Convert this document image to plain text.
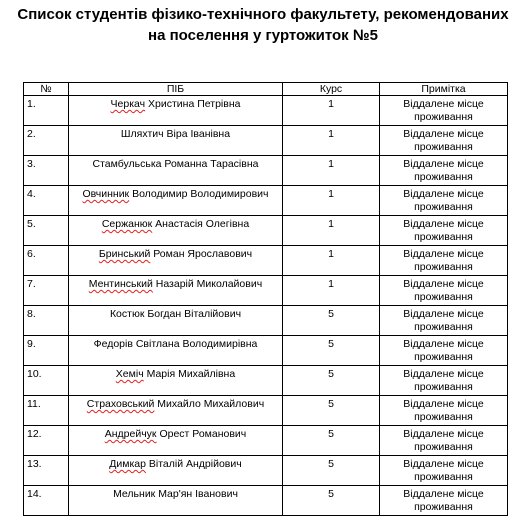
Список студентів фізико-технічного факультету, рекомендованих
на поселення у гуртожиток №5
№	ПІБ	Курс	Примітка
1.	Черкач Христина Петрівна	1	Віддалене місце проживання
2.	Шляхтич Віра Іванівна	1	Віддалене місце проживання
3.	Стамбульська Романна Тарасівна	1	Віддалене місце проживання
4.	Овчинник Володимир Володимирович	1	Віддалене місце проживання
5.	Сержанюк Анастасія Олегівна	1	Віддалене місце проживання
6.	Бринський Роман Ярославович	1	Віддалене місце проживання
7.	Ментинський Назарій Миколайович	1	Віддалене місце проживання
8.	Костюк Богдан Віталійович	5	Віддалене місце проживання
9.	Федорів Світлана Володимирівна	5	Віддалене місце проживання
10.	Хеміч Марія Михайлівна	5	Віддалене місце проживання
11.	Страховський Михайло Михайлович	5	Віддалене місце проживання
12.	Андрейчук Орест Романович	5	Віддалене місце проживання
13.	Димкар Віталій Андрійович	5	Віддалене місце проживання
14.	Мельник Мар'ян Іванович	5	Віддалене місце проживання
